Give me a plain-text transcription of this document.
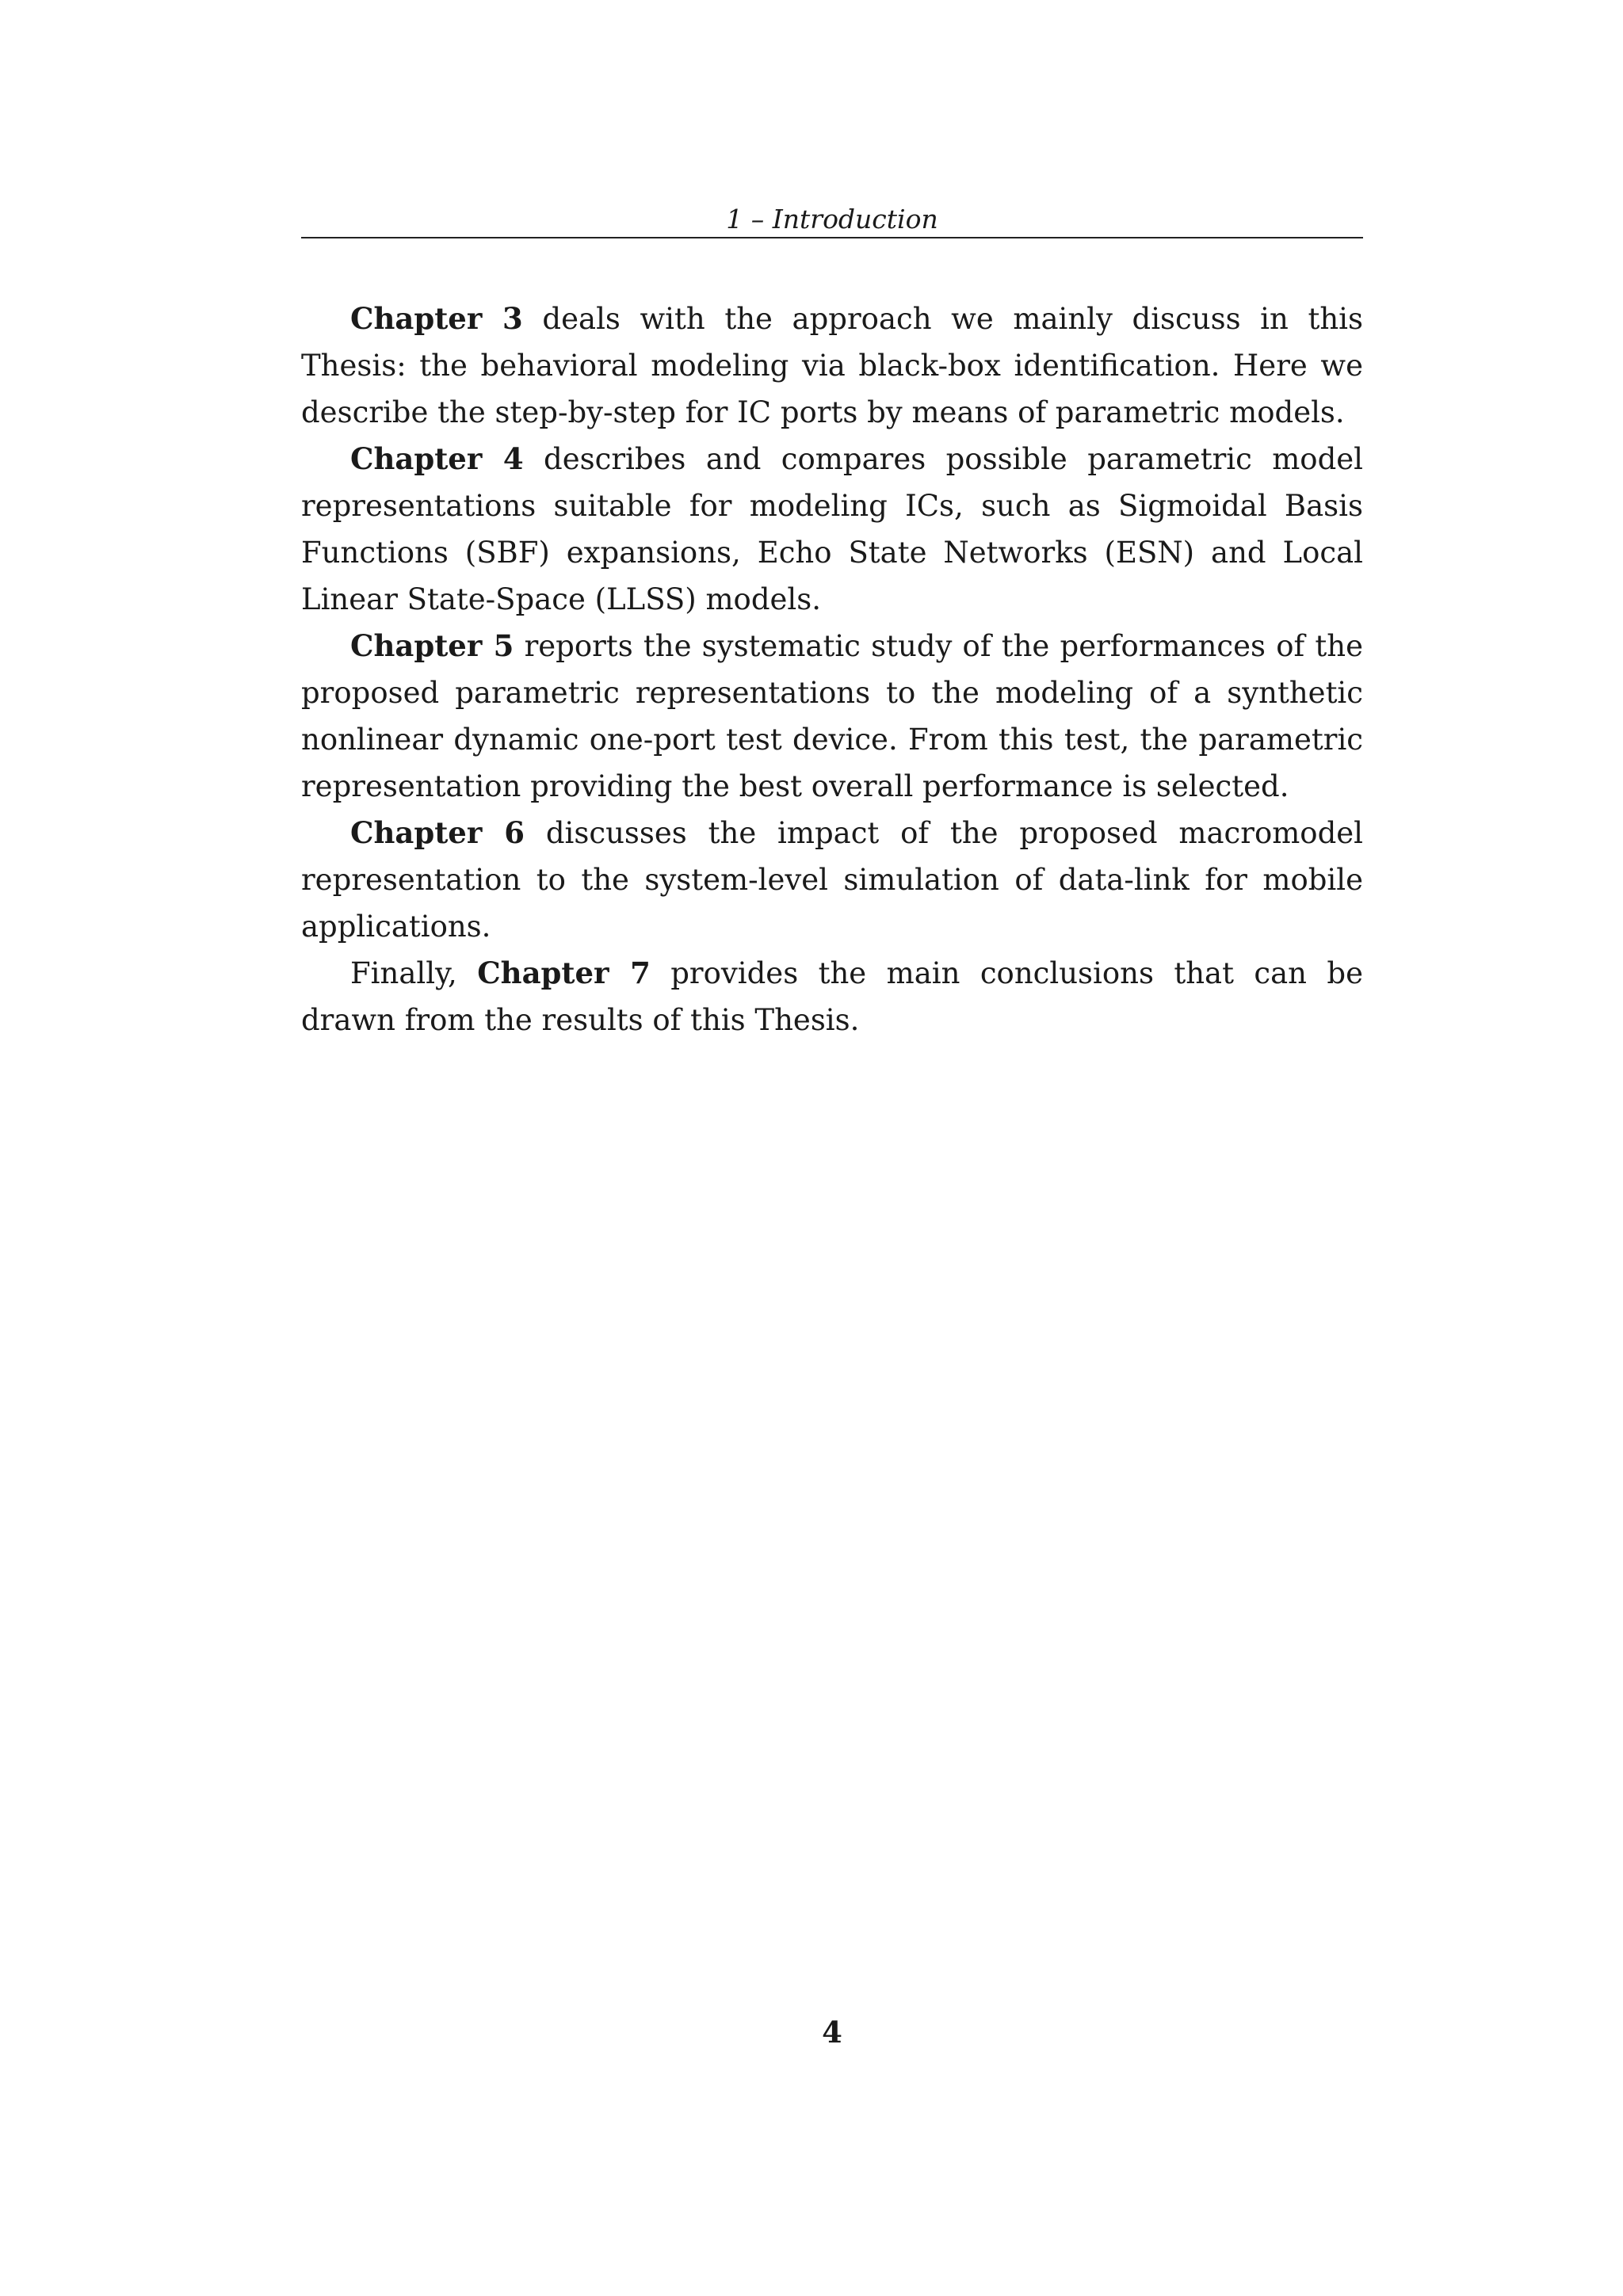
1 – Introduction

Chapter 3 deals with the approach we mainly discuss in this Thesis: the behavioral modeling via black-box identification. Here we describe the step-by-step for IC ports by means of parametric models.

Chapter 4 describes and compares possible parametric model representations suitable for modeling ICs, such as Sigmoidal Basis Functions (SBF) expansions, Echo State Networks (ESN) and Local Linear State-Space (LLSS) models.

Chapter 5 reports the systematic study of the performances of the proposed parametric representations to the modeling of a synthetic nonlinear dynamic one-port test device. From this test, the parametric representation providing the best overall performance is selected.

Chapter 6 discusses the impact of the proposed macromodel representation to the system-level simulation of data-link for mobile applications.

Finally, Chapter 7 provides the main conclusions that can be drawn from the results of this Thesis.

4
